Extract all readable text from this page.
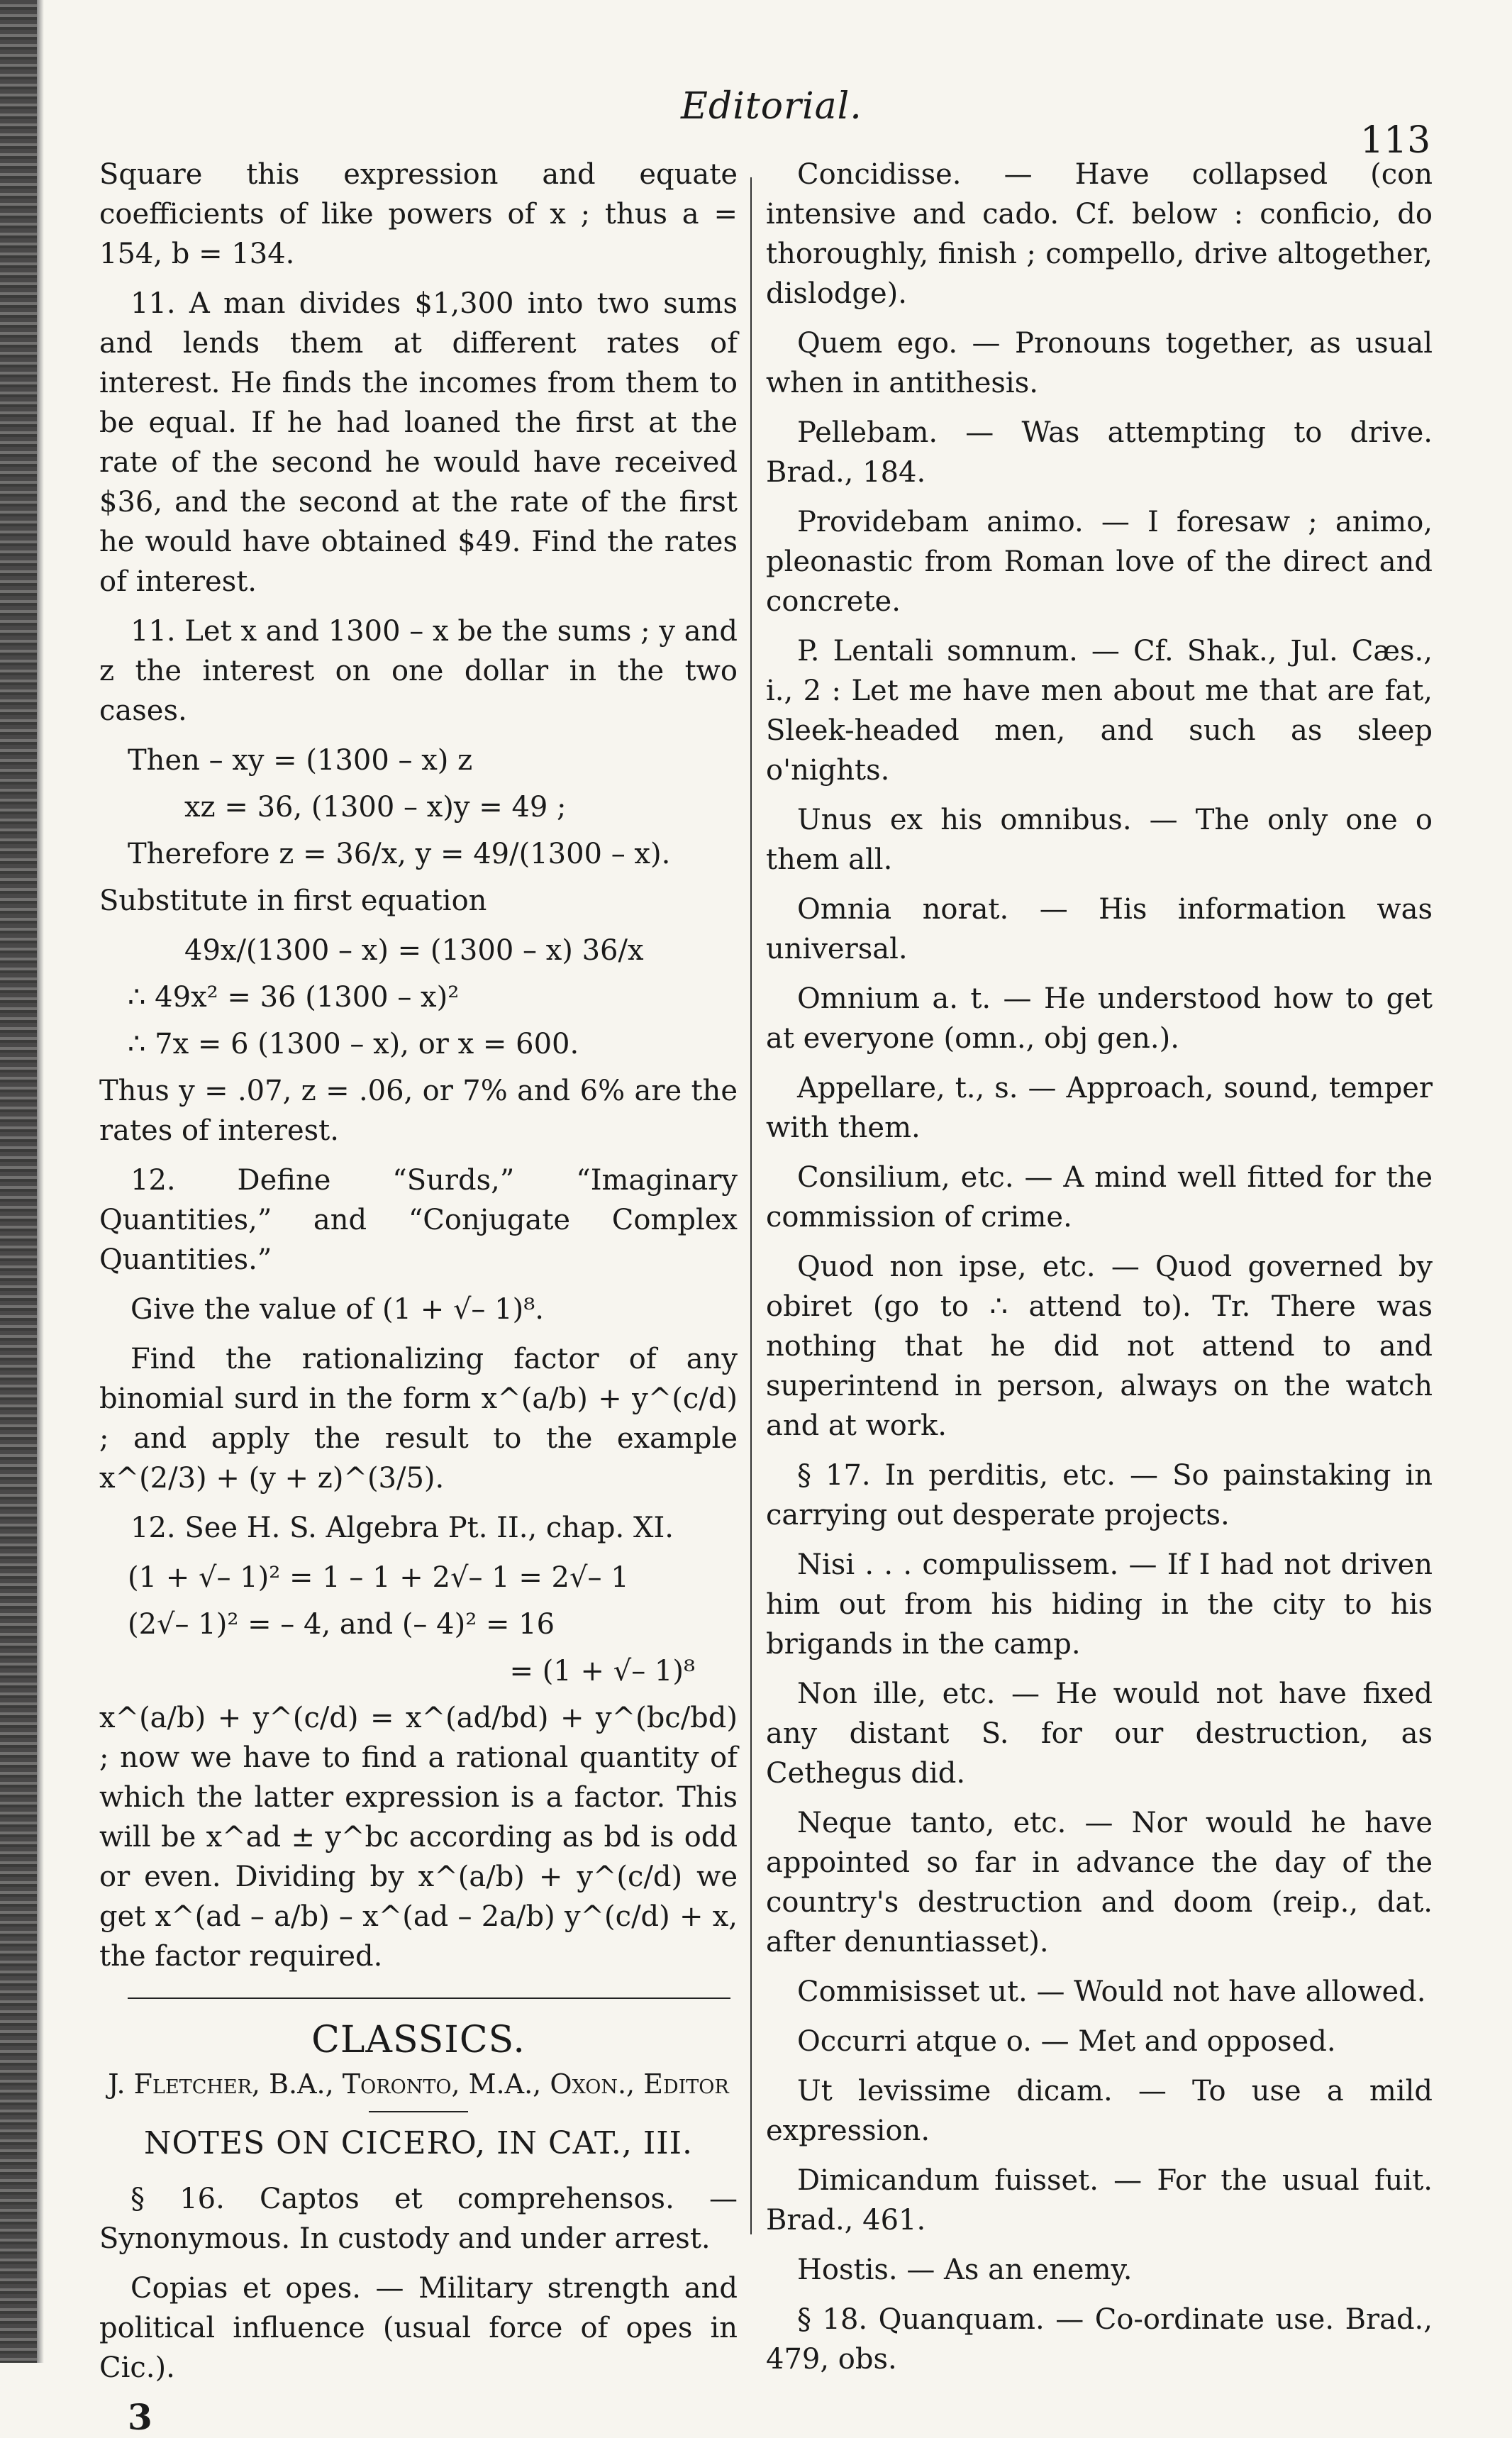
Editorial.
113

Square this expression and equate coefficients of like powers of x ; thus a = 154, b = 134.

11. A man divides $1,300 into two sums and lends them at different rates of interest. He finds the incomes from them to be equal. If he had loaned the first at the rate of the second he would have received $36, and the second at the rate of the first he would have obtained $49. Find the rates of interest.

11. Let x and 1300 – x be the sums ; y and z the interest on one dollar in the two cases.

Then – xy = (1300 – x) z

xz = 36, (1300 – x)y = 49 ;

Therefore z = 36/x, y = 49/(1300 – x).

Substitute in first equation

49x/(1300 – x) = (1300 – x) 36/x

∴ 49x² = 36 (1300 – x)²

∴ 7x = 6 (1300 – x), or x = 600.

Thus y = .07, z = .06, or 7% and 6% are the rates of interest.

12. Define “Surds,” “Imaginary Quantities,” and “Conjugate Complex Quantities.”

Give the value of (1 + √– 1)⁸.

Find the rationalizing factor of any binomial surd in the form x^(a/b) + y^(c/d) ; and apply the result to the example x^(2/3) + (y + z)^(3/5).

12. See H. S. Algebra Pt. II., chap. XI.

(1 + √– 1)² = 1 – 1 + 2√– 1 = 2√– 1

(2√– 1)² = – 4, and (– 4)² = 16

= (1 + √– 1)⁸

x^(a/b) + y^(c/d) = x^(ad/bd) + y^(bc/bd) ; now we have to find a rational quantity of which the latter expression is a factor. This will be x^ad ± y^bc according as bd is odd or even. Dividing by x^(a/b) + y^(c/d) we get x^(ad – a/b) – x^(ad – 2a/b) y^(c/d) + x, the factor required.

CLASSICS.
J. Fletcher, B.A., Toronto, M.A., Oxon., Editor
NOTES ON CICERO, IN CAT., III.

§ 16. Captos et comprehensos. — Synonymous. In custody and under arrest.

Copias et opes. — Military strength and political influence (usual force of opes in Cic.).

3

Concidisse. — Have collapsed (con intensive and cado. Cf. below : conficio, do thoroughly, finish ; compello, drive altogether, dislodge).

Quem ego. — Pronouns together, as usual when in antithesis.

Pellebam. — Was attempting to drive. Brad., 184.

Providebam animo. — I foresaw ; animo, pleonastic from Roman love of the direct and concrete.

P. Lentali somnum. — Cf. Shak., Jul. Cæs., i., 2 : Let me have men about me that are fat, Sleek-headed men, and such as sleep o'nights.

Unus ex his omnibus. — The only one o them all.

Omnia norat. — His information was universal.

Omnium a. t. — He understood how to get at everyone (omn., obj gen.).

Appellare, t., s. — Approach, sound, temper with them.

Consilium, etc. — A mind well fitted for the commission of crime.

Quod non ipse, etc. — Quod governed by obiret (go to ∴ attend to). Tr. There was nothing that he did not attend to and superintend in person, always on the watch and at work.

§ 17. In perditis, etc. — So painstaking in carrying out desperate projects.

Nisi . . . compulissem. — If I had not driven him out from his hiding in the city to his brigands in the camp.

Non ille, etc. — He would not have fixed any distant S. for our destruction, as Cethegus did.

Neque tanto, etc. — Nor would he have appointed so far in advance the day of the country's destruction and doom (reip., dat. after denuntiasset).

Commisisset ut. — Would not have allowed.

Occurri atque o. — Met and opposed.

Ut levissime dicam. — To use a mild expression.

Dimicandum fuisset. — For the usual fuit. Brad., 461.

Hostis. — As an enemy.

§ 18. Quanquam. — Co-ordinate use. Brad., 479, obs.
